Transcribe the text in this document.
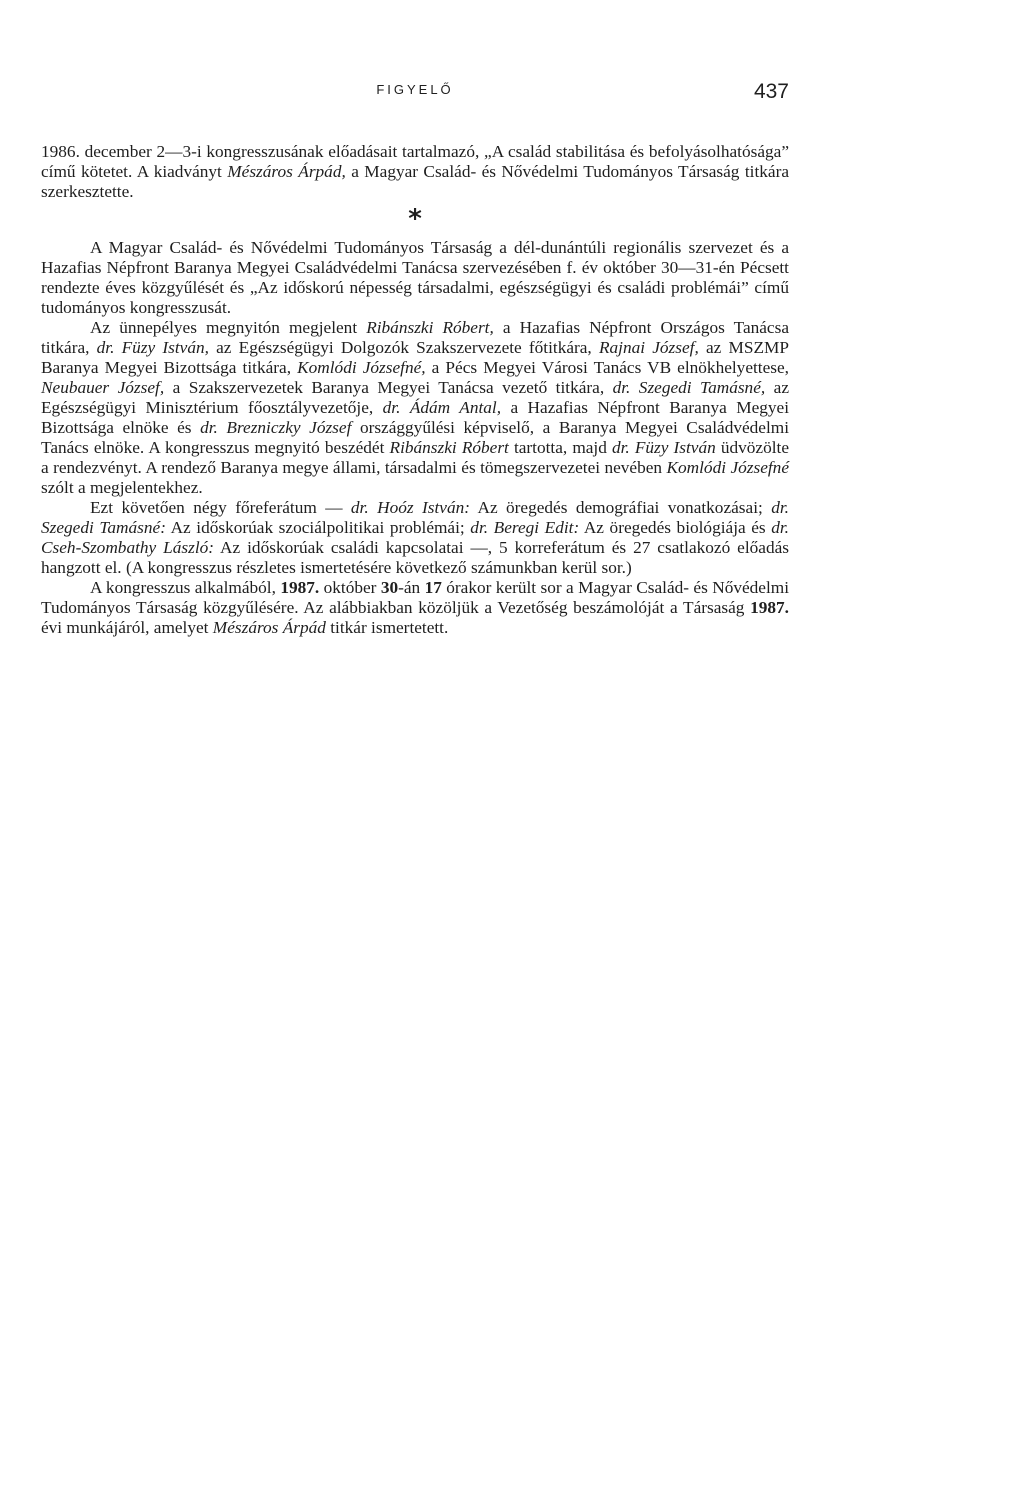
FIGYELŐ	437

1986. december 2—3-i kongresszusának előadásait tartalmazó, „A család stabilitása és befolyásolhatósága” című kötetet. A kiadványt Mészáros Árpád, a Magyar Család- és Nővédelmi Tudományos Társaság titkára szerkesztette.

*

A Magyar Család- és Nővédelmi Tudományos Társaság a dél-dunántúli regionális szervezet és a Hazafias Népfront Baranya Megyei Családvédelmi Tanácsa szervezésében f. év október 30—31-én Pécsett rendezte éves közgyűlését és „Az időskorú népesség társadalmi, egészségügyi és családi problémái” című tudományos kongresszusát.

Az ünnepélyes megnyitón megjelent Ribánszki Róbert, a Hazafias Népfront Országos Tanácsa titkára, dr. Füzy István, az Egészségügyi Dolgozók Szakszervezete főtitkára, Rajnai József, az MSZMP Baranya Megyei Bizottsága titkára, Komlódi Józsefné, a Pécs Megyei Városi Tanács VB elnökhelyettese, Neubauer József, a Szakszervezetek Baranya Megyei Tanácsa vezető titkára, dr. Szegedi Tamásné, az Egészségügyi Minisztérium főosztályvezetője, dr. Ádám Antal, a Hazafias Népfront Baranya Megyei Bizottsága elnöke és dr. Brezniczky József országgyűlési képviselő, a Baranya Megyei Családvédelmi Tanács elnöke. A kongresszus megnyitó beszédét Ribánszki Róbert tartotta, majd dr. Füzy István üdvözölte a rendezvényt. A rendező Baranya megye állami, társadalmi és tömegszervezetei nevében Komlódi Józsefné szólt a megjelentekhez.

Ezt követően négy főreferátum — dr. Hoóz István: Az öregedés demográfiai vonatkozásai; dr. Szegedi Tamásné: Az időskorúak szociálpolitikai problémái; dr. Beregi Edit: Az öregedés biológiája és dr. Cseh-Szombathy László: Az időskorúak családi kapcsolatai —, 5 korreferátum és 27 csatlakozó előadás hangzott el. (A kongresszus részletes ismertetésére következő számunkban kerül sor.)

A kongresszus alkalmából, 1987. október 30-án 17 órakor került sor a Magyar Család- és Nővédelmi Tudományos Társaság közgyűlésére. Az alábbiakban közöljük a Vezetőség beszámolóját a Társaság 1987. évi munkájáról, amelyet Mészáros Árpád titkár ismertetett.
